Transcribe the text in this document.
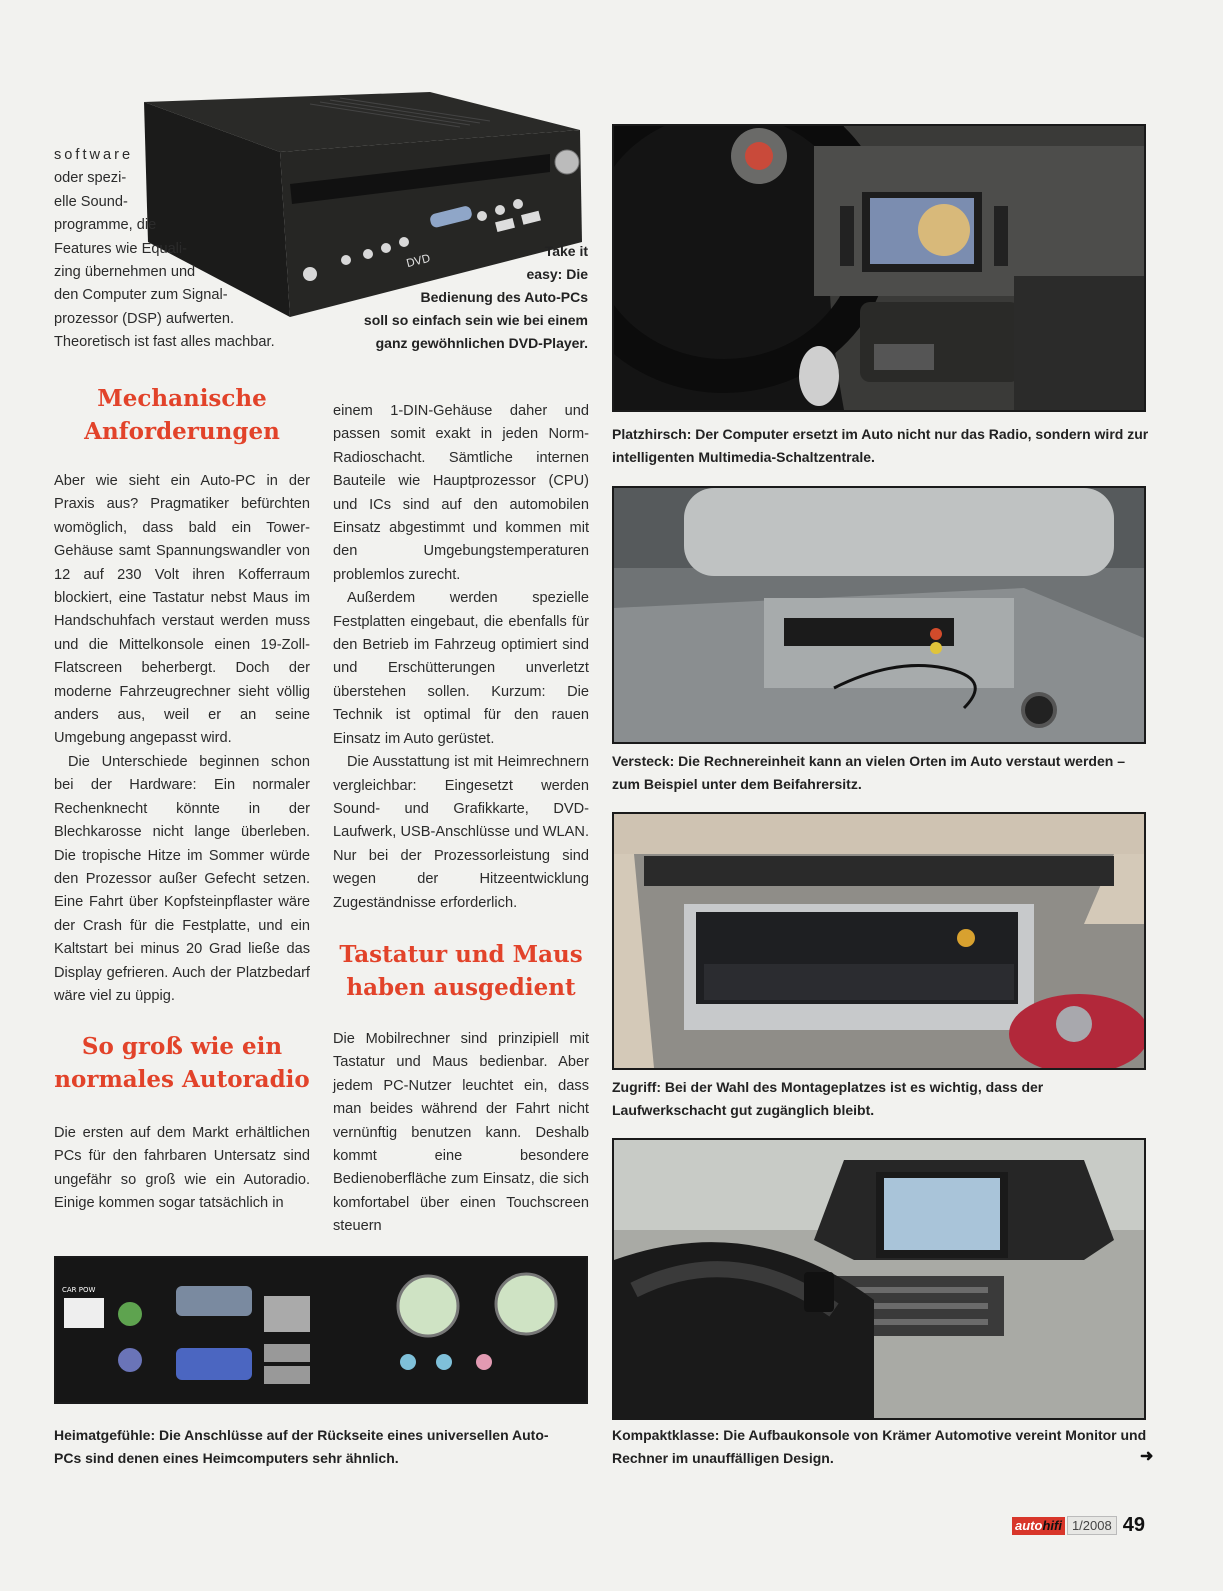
DVD
software
oder spezi-
elle Sound-
programme, die
Features wie Equali-
zing übernehmen und
den Computer zum Signal-
prozessor (DSP) aufwerten.
Theoretisch ist fast alles machbar.
Take it
easy: Die
Bedienung des Auto-PCs
soll so einfach sein wie bei einem
ganz gewöhnlichen DVD-Player.
Mechanische
Anforderungen

Aber wie sieht ein Auto-PC in der Praxis aus? Pragmatiker befürchten womöglich, dass bald ein Tower-Gehäuse samt Spannungswandler von 12 auf 230 Volt ihren Kofferraum blockiert, eine Tastatur nebst Maus im Handschuhfach verstaut werden muss und die Mittelkonsole einen 19-Zoll-Flatscreen beherbergt. Doch der moderne Fahrzeugrechner sieht völlig anders aus, weil er an seine Umgebung angepasst wird.

Die Unterschiede beginnen schon bei der Hardware: Ein normaler Rechenknecht könnte in der Blechkarosse nicht lange überleben. Die tropische Hitze im Sommer würde den Prozessor außer Gefecht setzen. Eine Fahrt über Kopfsteinpflaster wäre der Crash für die Festplatte, und ein Kaltstart bei minus 20 Grad ließe das Display gefrieren. Auch der Platzbedarf wäre viel zu üppig.

So groß wie ein
normales Autoradio

Die ersten auf dem Markt erhältlichen PCs für den fahrbaren Untersatz sind ungefähr so groß wie ein Autoradio. Einige kommen sogar tatsächlich in

einem 1-DIN-Gehäuse daher und passen somit exakt in jeden Norm-Radioschacht. Sämtliche internen Bauteile wie Hauptprozessor (CPU) und ICs sind auf den automobilen Einsatz abgestimmt und kommen mit den Umgebungstemperaturen problemlos zurecht.

Außerdem werden spezielle Festplatten eingebaut, die ebenfalls für den Betrieb im Fahrzeug optimiert sind und Erschütterungen unverletzt überstehen sollen. Kurzum: Die Technik ist optimal für den rauen Einsatz im Auto gerüstet.

Die Ausstattung ist mit Heimrechnern vergleichbar: Eingesetzt werden Sound- und Grafikkarte, DVD-Laufwerk, USB-Anschlüsse und WLAN. Nur bei der Prozessorleistung sind wegen der Hitzeentwicklung Zugeständnisse erforderlich.

Tastatur und Maus
haben ausgedient

Die Mobilrechner sind prinzipiell mit Tastatur und Maus bedienbar. Aber jedem PC-Nutzer leuchtet ein, dass man beides während der Fahrt nicht vernünftig benutzen kann. Deshalb kommt eine besondere Bedienoberfläche zum Einsatz, die sich komfortabel über einen Touchscreen steuern

Platzhirsch: Der Computer ersetzt im Auto nicht nur das Radio, sondern wird zur intelligenten Multimedia-Schaltzentrale.
Versteck: Die Rechnereinheit kann an vielen Orten im Auto verstaut werden – zum Beispiel unter dem Beifahrersitz.
Zugriff: Bei der Wahl des Montageplatzes ist es wichtig, dass der Laufwerkschacht gut zugänglich bleibt.
Kompaktklasse: Die Aufbaukonsole von Krämer Automotive vereint Monitor und Rechner im unauffälligen Design.
CAR POW
Heimatgefühle: Die Anschlüsse auf der Rückseite eines universellen Auto-PCs sind denen eines Heimcomputers sehr ähnlich.	➜
auto hifi 1/2008 49
